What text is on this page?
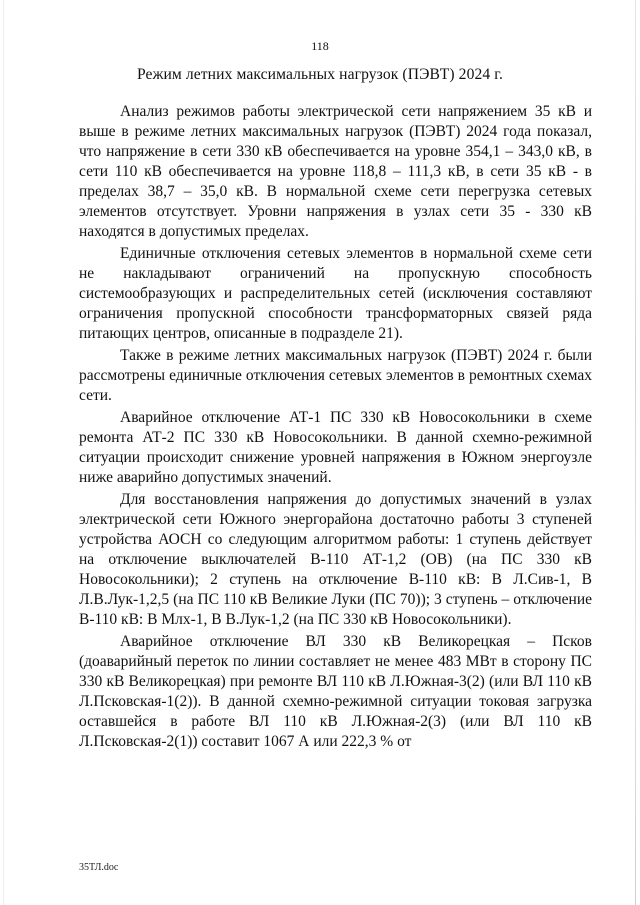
118
Режим летних максимальных нагрузок (ПЭВТ) 2024 г.

Анализ режимов работы электрической сети напряжением 35 кВ и выше в режиме летних максимальных нагрузок (ПЭВТ) 2024 года показал, что напряжение в сети 330 кВ обеспечивается на уровне 354,1 – 343,0 кВ, в сети 110 кВ обеспечивается на уровне 118,8 – 111,3 кВ, в сети 35 кВ - в пределах 38,7 – 35,0 кВ. В нормальной схеме сети перегрузка сетевых элементов отсутствует. Уровни напряжения в узлах сети 35 - 330 кВ находятся в допустимых пределах.

Единичные отключения сетевых элементов в нормальной схеме сети не накладывают ограничений на пропускную способность системообразующих и распределительных сетей (исключения составляют ограничения пропускной способности трансформаторных связей ряда питающих центров, описанные в подразделе 21).

Также в режиме летних максимальных нагрузок (ПЭВТ) 2024 г. были рассмотрены единичные отключения сетевых элементов в ремонтных схемах сети.

Аварийное отключение АТ-1 ПС 330 кВ Новосокольники в схеме ремонта АТ-2 ПС 330 кВ Новосокольники. В данной схемно-режимной ситуации происходит снижение уровней напряжения в Южном энергоузле ниже аварийно допустимых значений.

Для восстановления напряжения до допустимых значений в узлах электрической сети Южного энергорайона достаточно работы 3 ступеней устройства АОСН со следующим алгоритмом работы: 1 ступень действует на отключение выключателей В-110 АТ-1,2 (ОВ) (на ПС 330 кВ Новосокольники); 2 ступень на отключение В-110 кВ: В Л.Сив-1, В Л.В.Лук-1,2,5 (на ПС 110 кВ Великие Луки (ПС 70)); 3 ступень – отключение В-110 кВ: В Млх-1, В В.Лук-1,2 (на ПС 330 кВ Новосокольники).

Аварийное отключение ВЛ 330 кВ Великорецкая – Псков (доаварийный переток по линии составляет не менее 483 МВт в сторону ПС 330 кВ Великорецкая) при ремонте ВЛ 110 кВ Л.Южная-3(2) (или ВЛ 110 кВ Л.Псковская-1(2)). В данной схемно-режимной ситуации токовая загрузка оставшейся в работе ВЛ 110 кВ Л.Южная-2(3) (или ВЛ 110 кВ Л.Псковская-2(1)) составит 1067 А или 222,3 % от

35ТЛ.doc
